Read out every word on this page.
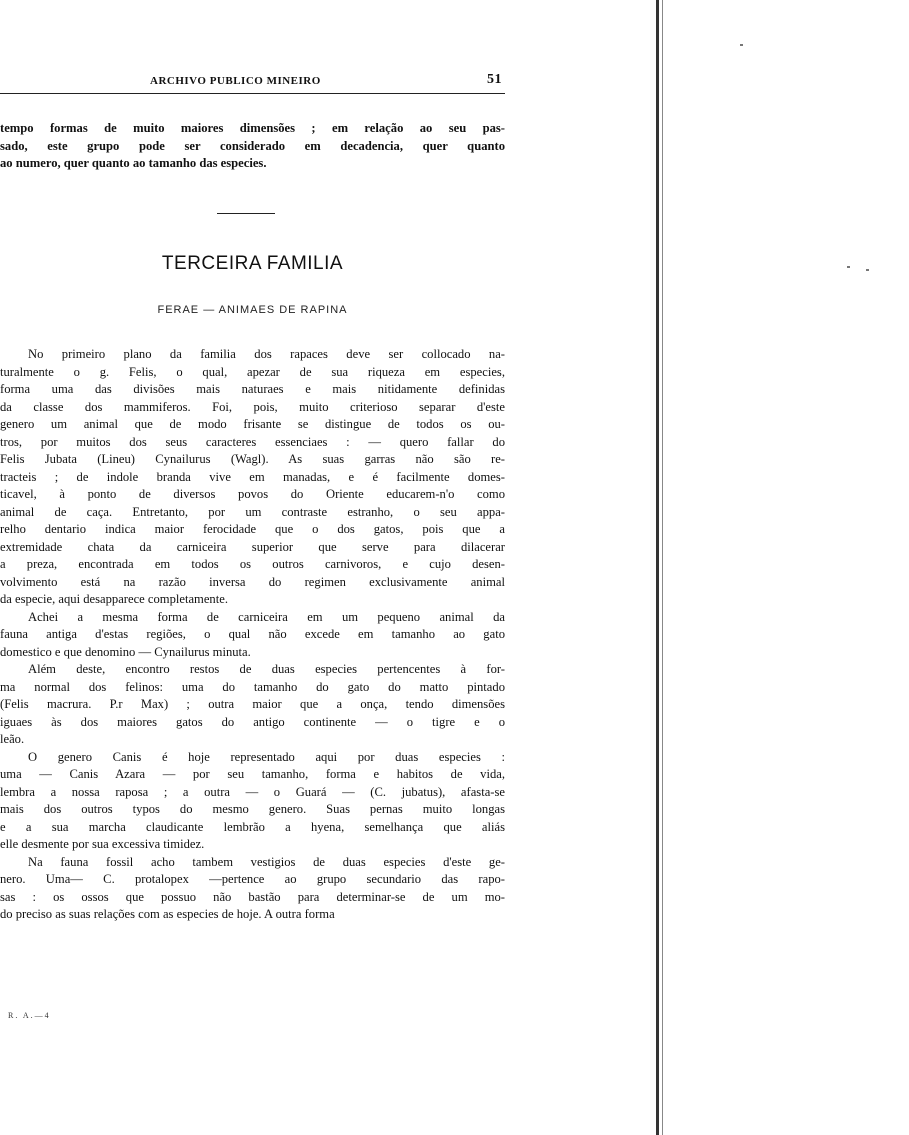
ARCHIVO PUBLICO MINEIRO	51

tempo formas de muito maiores dimensões ; em relação ao seu pas-

sado, este grupo pode ser considerado em decadencia, quer quanto

ao numero, quer quanto ao tamanho das especies.

TERCEIRA FAMILIA
FERAE — ANIMAES DE RAPINA

No primeiro plano da familia dos rapaces deve ser collocado na-

turalmente o g. Felis, o qual, apezar de sua riqueza em especies,

forma uma das divisões mais naturaes e mais nitidamente definidas

da classe dos mammiferos. Foi, pois, muito criterioso separar d'este

genero um animal que de modo frisante se distingue de todos os ou-

tros, por muitos dos seus caracteres essenciaes : — quero fallar do

Felis Jubata (Lineu) Cynailurus (Wagl). As suas garras não são re-

tracteis ; de indole branda vive em manadas, e é facilmente domes-

ticavel, à ponto de diversos povos do Oriente educarem-n'o como

animal de caça. Entretanto, por um contraste estranho, o seu appa-

relho dentario indica maior ferocidade que o dos gatos, pois que a

extremidade chata da carniceira superior que serve para dilacerar

a preza, encontrada em todos os outros carnivoros, e cujo desen-

volvimento está na razão inversa do regimen exclusivamente animal

da especie, aqui desapparece completamente.

Achei a mesma forma de carniceira em um pequeno animal da

fauna antiga d'estas regiões, o qual não excede em tamanho ao gato

domestico e que denomino — Cynailurus minuta.

Além deste, encontro restos de duas especies pertencentes à for-

ma normal dos felinos: uma do tamanho do gato do matto pintado

(Felis macrura. P.r Max) ; outra maior que a onça, tendo dimensões

iguaes às dos maiores gatos do antigo continente — o tigre e o

leão.

O genero Canis é hoje representado aqui por duas especies :

uma — Canis Azara — por seu tamanho, forma e habitos de vida,

lembra a nossa raposa ; a outra — o Guará — (C. jubatus), afasta-se

mais dos outros typos do mesmo genero. Suas pernas muito longas

e a sua marcha claudicante lembrão a hyena, semelhança que aliás

elle desmente por sua excessiva timidez.

Na fauna fossil acho tambem vestigios de duas especies d'este ge-

nero. Uma— C. protalopex —pertence ao grupo secundario das rapo-

sas : os ossos que possuo não bastão para determinar-se de um mo-

do preciso as suas relações com as especies de hoje. A outra forma

R. A.—4
